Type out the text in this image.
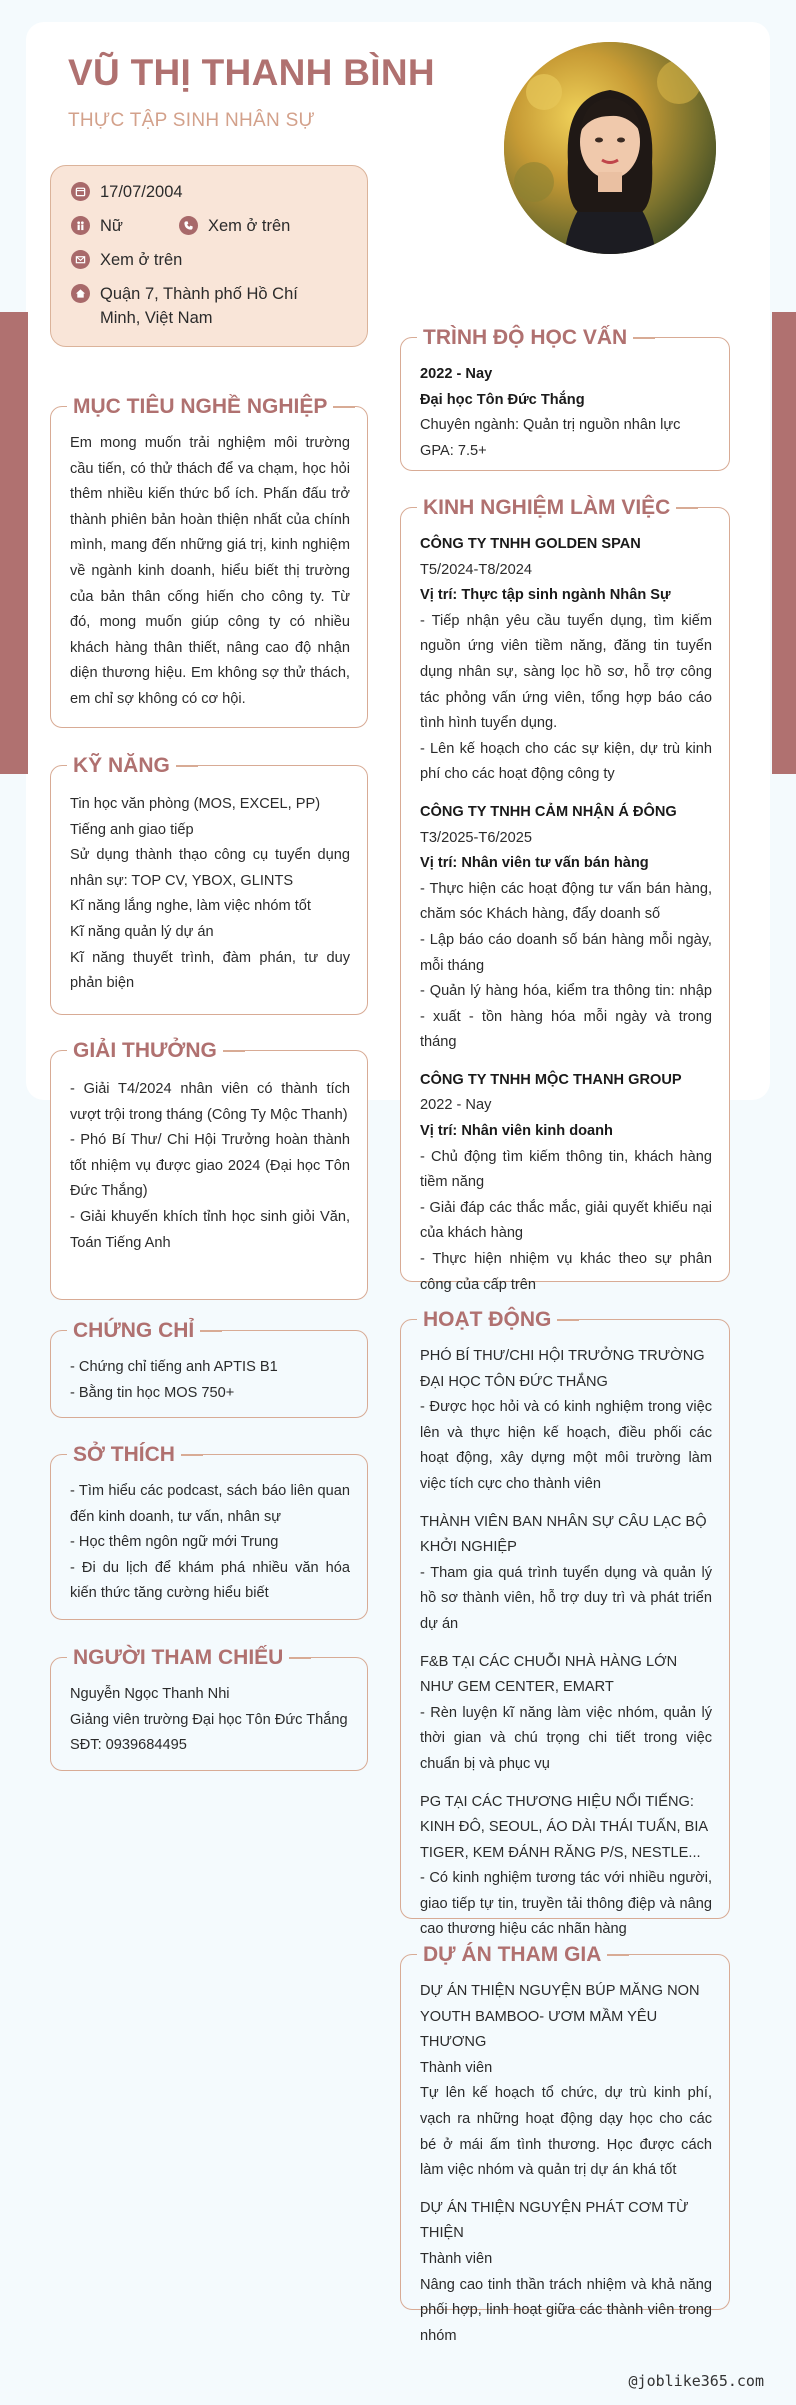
VŨ THỊ THANH BÌNH
THỰC TẬP SINH NHÂN SỰ
17/07/2004
Nữ	Xem ở trên
Xem ở trên
Quận 7, Thành phố Hồ Chí Minh, Việt Nam
MỤC TIÊU NGHỀ NGHIỆP
Em mong muốn trải nghiệm môi trường cầu tiến, có thử thách để va chạm, học hỏi thêm nhiều kiến thức bổ ích. Phấn đấu trở thành phiên bản hoàn thiện nhất của chính mình, mang đến những giá trị, kinh nghiệm về ngành kinh doanh, hiểu biết thị trường của bản thân cống hiến cho công ty. Từ đó, mong muốn giúp công ty có nhiều khách hàng thân thiết, nâng cao độ nhận diện thương hiệu. Em không sợ thử thách, em chỉ sợ không có cơ hội.
KỸ NĂNG
Tin học văn phòng (MOS, EXCEL, PP)
Tiếng anh giao tiếp
Sử dụng thành thạo công cụ tuyển dụng nhân sự: TOP CV, YBOX, GLINTS
Kĩ năng lắng nghe, làm việc nhóm tốt
Kĩ năng quản lý dự án
Kĩ năng thuyết trình, đàm phán, tư duy phản biện
GIẢI THƯỞNG
- Giải T4/2024 nhân viên có thành tích vượt trội trong tháng (Công Ty Mộc Thanh)
- Phó Bí Thư/ Chi Hội Trưởng hoàn thành tốt nhiệm vụ được giao 2024 (Đại học Tôn Đức Thắng)
- Giải khuyến khích tỉnh học sinh giỏi Văn, Toán Tiếng Anh
CHỨNG CHỈ
- Chứng chỉ tiếng anh APTIS B1
- Bằng tin học MOS 750+
SỞ THÍCH
- Tìm hiểu các podcast, sách báo liên quan đến kinh doanh, tư vấn, nhân sự
- Học thêm ngôn ngữ mới Trung
- Đi du lịch để khám phá nhiều văn hóa kiến thức tăng cường hiểu biết
NGƯỜI THAM CHIẾU
Nguyễn Ngọc Thanh Nhi
Giảng viên trường Đại học Tôn Đức Thắng
SĐT: 0939684495
TRÌNH ĐỘ HỌC VẤN
2022 - Nay
Đại học Tôn Đức Thắng
Chuyên ngành: Quản trị nguồn nhân lực
GPA: 7.5+
KINH NGHIỆM LÀM VIỆC
CÔNG TY TNHH GOLDEN SPAN
T5/2024-T8/2024
Vị trí: Thực tập sinh ngành Nhân Sự
- Tiếp nhận yêu cầu tuyển dụng, tìm kiếm nguồn ứng viên tiềm năng, đăng tin tuyển dụng nhân sự, sàng lọc hồ sơ, hỗ trợ công tác phỏng vấn ứng viên, tổng hợp báo cáo tình hình tuyển dụng.
- Lên kế hoạch cho các sự kiện, dự trù kinh phí cho các hoạt động công ty
CÔNG TY TNHH CẢM NHẬN Á ĐÔNG
T3/2025-T6/2025
Vị trí: Nhân viên tư vấn bán hàng
- Thực hiện các hoạt động tư vấn bán hàng, chăm sóc Khách hàng, đẩy doanh số
- Lập báo cáo doanh số bán hàng mỗi ngày, mỗi tháng
- Quản lý hàng hóa, kiểm tra thông tin: nhập - xuất - tồn hàng hóa mỗi ngày và trong tháng
CÔNG TY TNHH MỘC THANH GROUP
2022 - Nay
Vị trí: Nhân viên kinh doanh
- Chủ động tìm kiếm thông tin, khách hàng tiềm năng
- Giải đáp các thắc mắc, giải quyết khiếu nại của khách hàng
- Thực hiện nhiệm vụ khác theo sự phân công của cấp trên
HOẠT ĐỘNG
PHÓ BÍ THƯ/CHI HỘI TRƯỞNG TRƯỜNG ĐẠI HỌC TÔN ĐỨC THẮNG
- Được học hỏi và có kinh nghiệm trong việc lên và thực hiện kế hoạch, điều phối các hoạt động, xây dựng một môi trường làm việc tích cực cho thành viên
THÀNH VIÊN BAN NHÂN SỰ CÂU LẠC BỘ KHỞI NGHIỆP
- Tham gia quá trình tuyển dụng và quản lý hồ sơ thành viên, hỗ trợ duy trì và phát triển dự án
F&B TẠI CÁC CHUỖI NHÀ HÀNG LỚN NHƯ GEM CENTER, EMART
- Rèn luyện kĩ năng làm việc nhóm, quản lý thời gian và chú trọng chi tiết trong việc chuẩn bị và phục vụ
PG TẠI CÁC THƯƠNG HIỆU NỔI TIẾNG: KINH ĐÔ, SEOUL, ÁO DÀI THÁI TUẤN, BIA TIGER, KEM ĐÁNH RĂNG P/S, NESTLE...
- Có kinh nghiệm tương tác với nhiều người, giao tiếp tự tin, truyền tải thông điệp và nâng cao thương hiệu các nhãn hàng
DỰ ÁN THAM GIA
DỰ ÁN THIỆN NGUYỆN BÚP MĂNG NON YOUTH BAMBOO- ƯƠM MẦM YÊU THƯƠNG
Thành viên
Tự lên kế hoạch tổ chức, dự trù kinh phí, vạch ra những hoạt động dạy học cho các bé ở mái ấm tình thương. Học được cách làm việc nhóm và quản trị dự án khá tốt
DỰ ÁN THIỆN NGUYỆN PHÁT CƠM TỪ THIỆN
Thành viên
Nâng cao tinh thần trách nhiệm và khả năng phối hợp, linh hoạt giữa các thành viên trong nhóm
@joblike365.com
